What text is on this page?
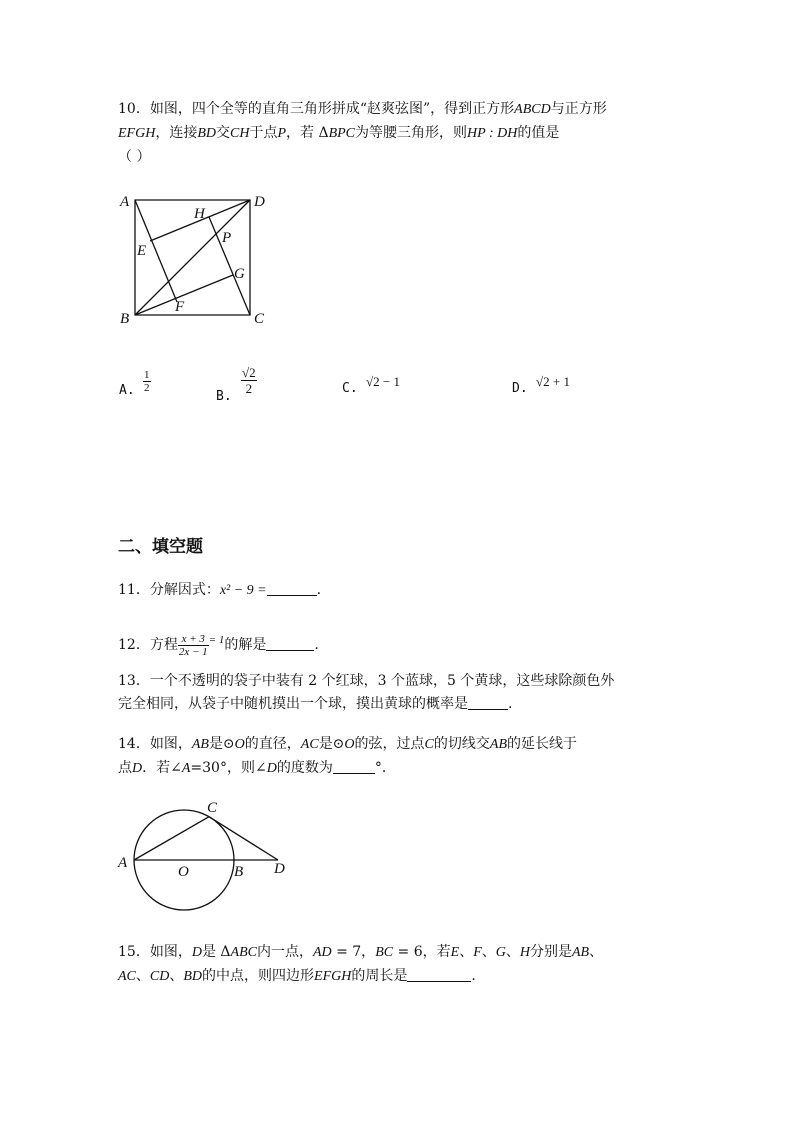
10．如图，四个全等的直角三角形拼成“赵爽弦图”，得到正方形ABCD与正方形
EFGH，连接BD交CH于点P，若 ΔBPC为等腰三角形，则HP : DH的值是
（ ）
A	D
H
P
E
G
F
B	C
A. $\frac{1}{2}$
B.
$\frac{√2}{2}$	C. √2 − 1	D. √2 + 1
二、填空题
11．分解因式：x² − 9 =	.
12．方程 $\frac{x + 3}{2x - 1} ^{= 1}$的解是	.
13．一个不透明的袋子中装有 2 个红球，3 个蓝球，5 个黄球，这些球除颜色外
完全相同，从袋子中随机摸出一个球，摸出黄球的概率是	.
14．如图，AB是⊙O的直径，AC是⊙O的弦，过点C的切线交AB的延长线于
点D．若∠A=30°，则∠D的度数为	°．
A
C
O	B D
15．如图，D是 ΔABC内一点，AD = 7，BC = 6，若E、F、G、H分别是AB、
AC、CD、BD的中点，则四边形EFGH的周长是	.
